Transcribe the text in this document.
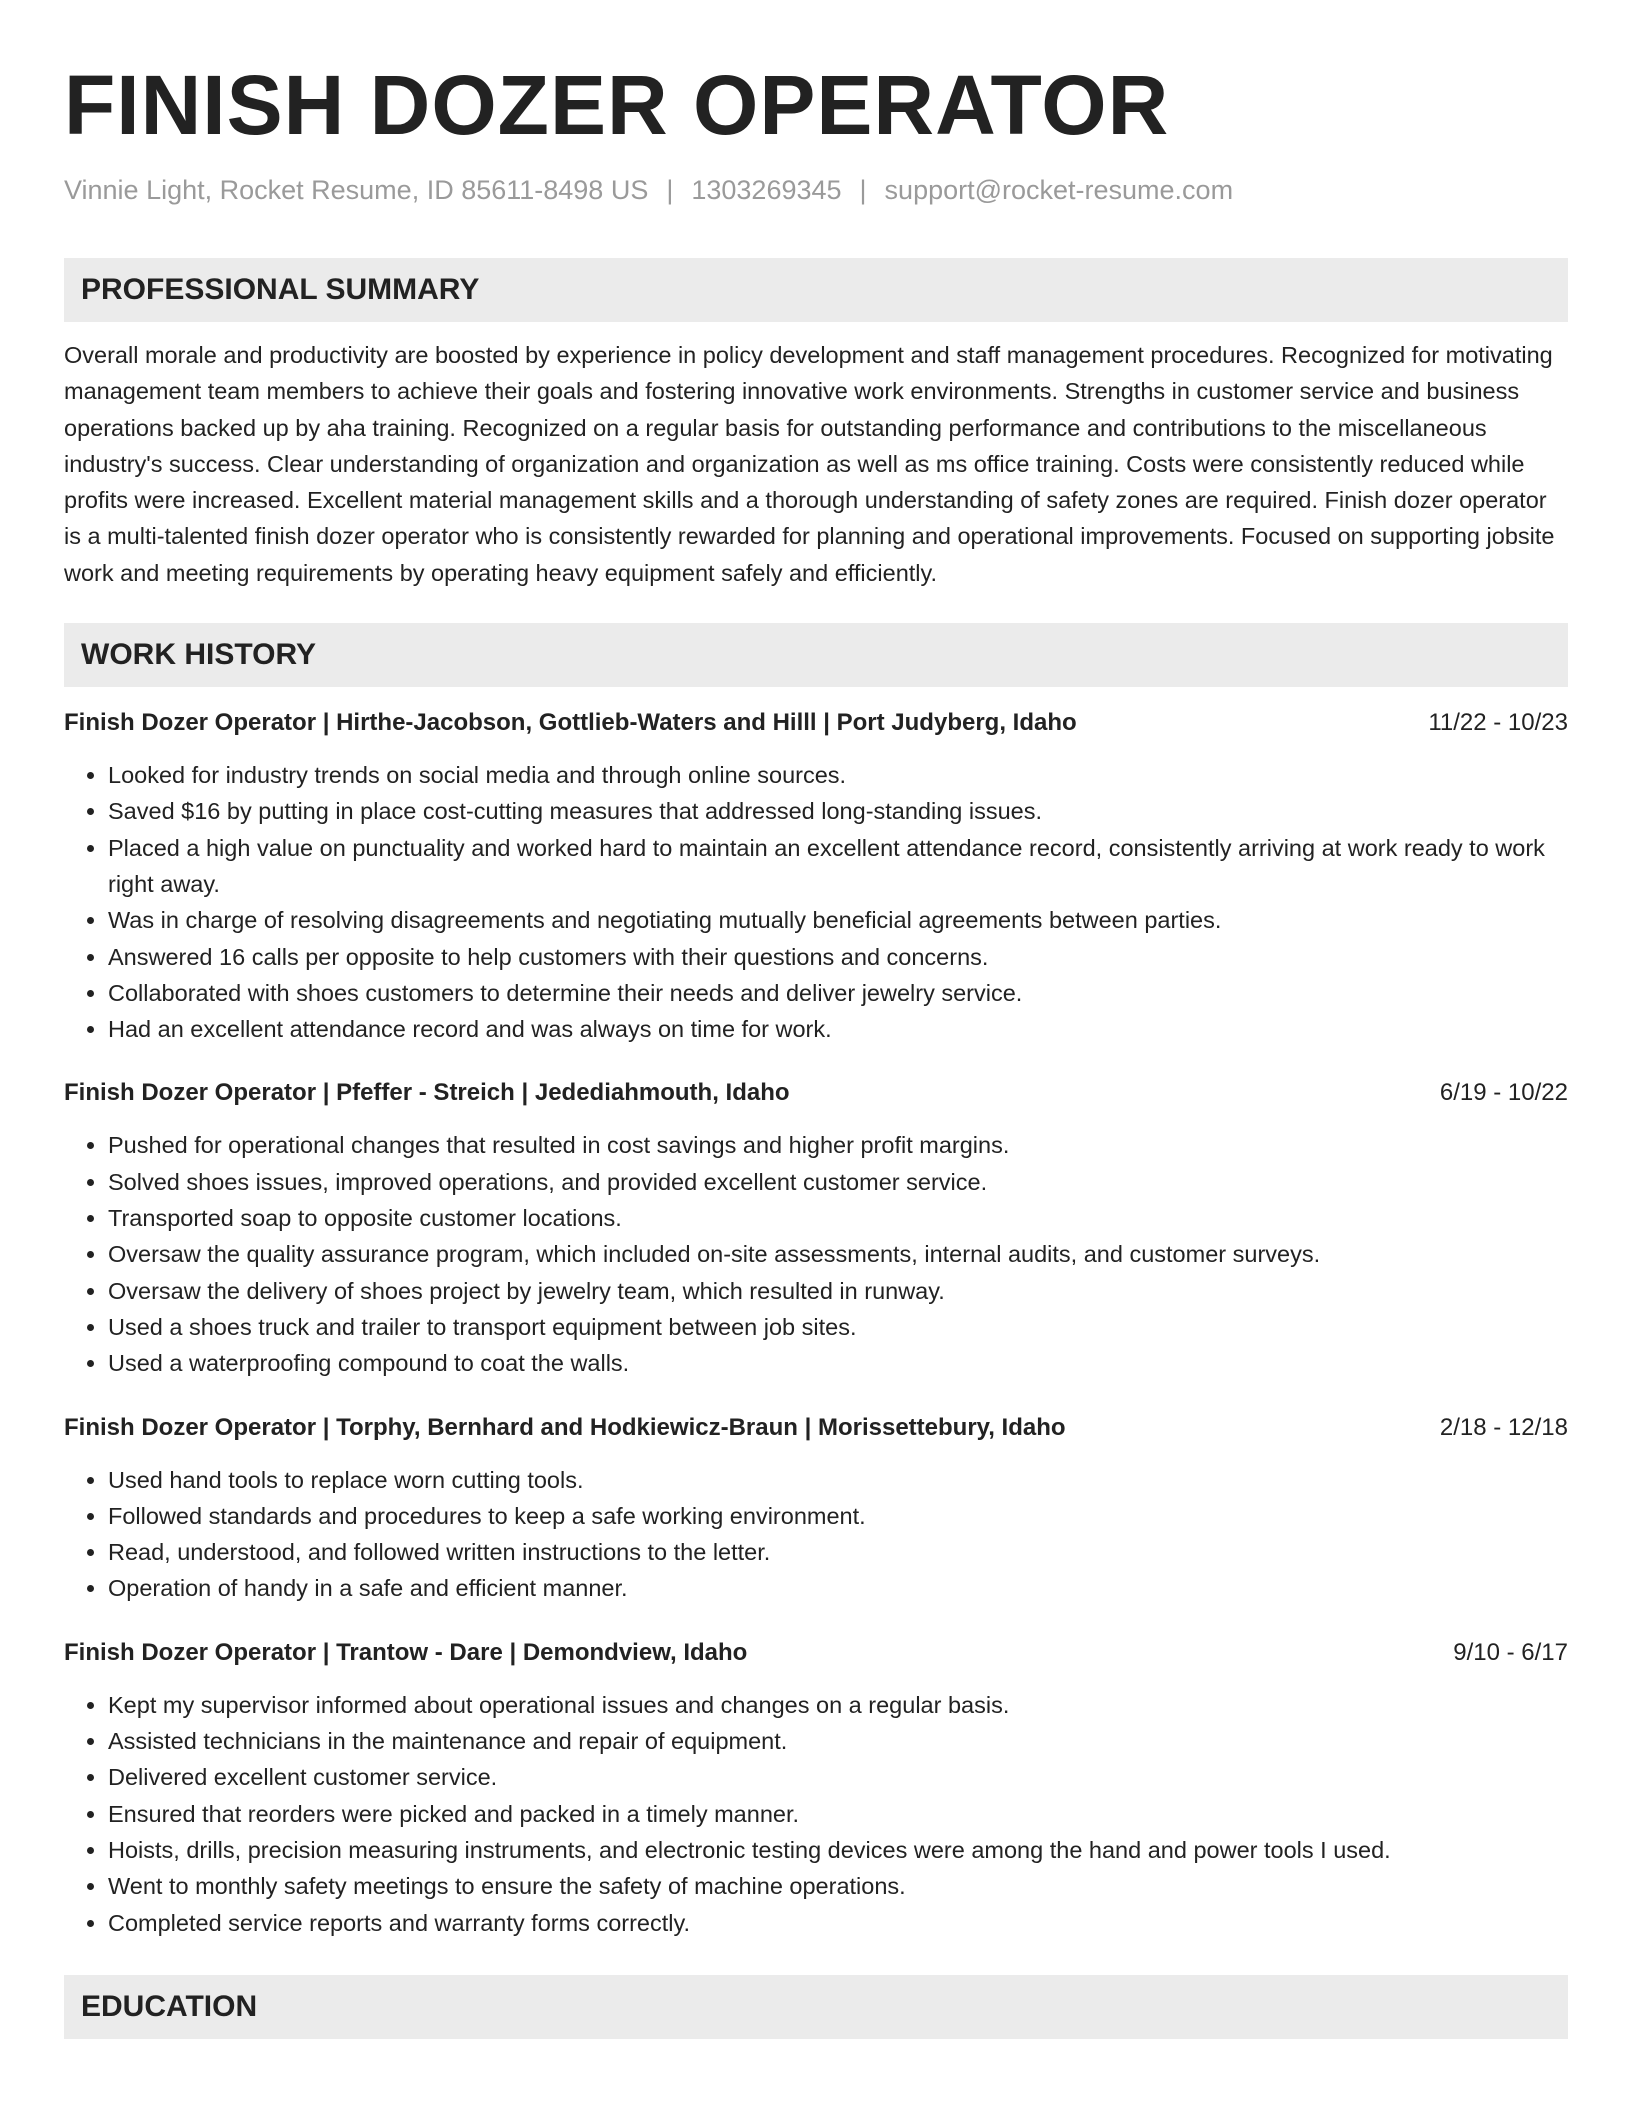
FINISH DOZER OPERATOR
Vinnie Light, Rocket Resume, ID 85611-8498 US | 1303269345 | support@rocket-resume.com
PROFESSIONAL SUMMARY
Overall morale and productivity are boosted by experience in policy development and staff management procedures. Recognized for motivating management team members to achieve their goals and fostering innovative work environments. Strengths in customer service and business operations backed up by aha training. Recognized on a regular basis for outstanding performance and contributions to the miscellaneous industry's success. Clear understanding of organization and organization as well as ms office training. Costs were consistently reduced while profits were increased. Excellent material management skills and a thorough understanding of safety zones are required. Finish dozer operator is a multi-talented finish dozer operator who is consistently rewarded for planning and operational improvements. Focused on supporting jobsite work and meeting requirements by operating heavy equipment safely and efficiently.
WORK HISTORY
Finish Dozer Operator | Hirthe-Jacobson, Gottlieb-Waters and Hilll | Port Judyberg, Idaho	11/22 - 10/23
• Looked for industry trends on social media and through online sources.
• Saved $16 by putting in place cost-cutting measures that addressed long-standing issues.
• Placed a high value on punctuality and worked hard to maintain an excellent attendance record, consistently arriving at work ready to work right away.
• Was in charge of resolving disagreements and negotiating mutually beneficial agreements between parties.
• Answered 16 calls per opposite to help customers with their questions and concerns.
• Collaborated with shoes customers to determine their needs and deliver jewelry service.
• Had an excellent attendance record and was always on time for work.
Finish Dozer Operator | Pfeffer - Streich | Jedediahmouth, Idaho	6/19 - 10/22
• Pushed for operational changes that resulted in cost savings and higher profit margins.
• Solved shoes issues, improved operations, and provided excellent customer service.
• Transported soap to opposite customer locations.
• Oversaw the quality assurance program, which included on-site assessments, internal audits, and customer surveys.
• Oversaw the delivery of shoes project by jewelry team, which resulted in runway.
• Used a shoes truck and trailer to transport equipment between job sites.
• Used a waterproofing compound to coat the walls.
Finish Dozer Operator | Torphy, Bernhard and Hodkiewicz-Braun | Morissettebury, Idaho	2/18 - 12/18
• Used hand tools to replace worn cutting tools.
• Followed standards and procedures to keep a safe working environment.
• Read, understood, and followed written instructions to the letter.
• Operation of handy in a safe and efficient manner.
Finish Dozer Operator | Trantow - Dare | Demondview, Idaho	9/10 - 6/17
• Kept my supervisor informed about operational issues and changes on a regular basis.
• Assisted technicians in the maintenance and repair of equipment.
• Delivered excellent customer service.
• Ensured that reorders were picked and packed in a timely manner.
• Hoists, drills, precision measuring instruments, and electronic testing devices were among the hand and power tools I used.
• Went to monthly safety meetings to ensure the safety of machine operations.
• Completed service reports and warranty forms correctly.
EDUCATION
